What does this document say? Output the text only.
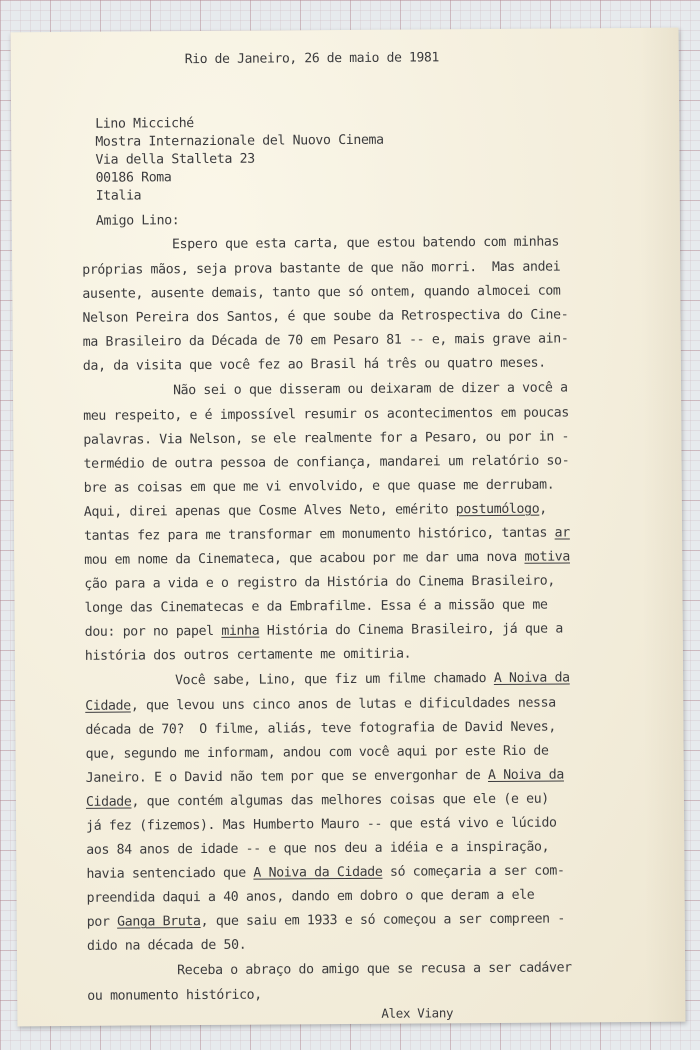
Rio de Janeiro, 26 de maio de 1981
Lino Micciché
Mostra Internazionale del Nuovo Cinema
Via della Stalleta 23
00186 Roma
Italia
Amigo Lino:
Espero que esta carta, que estou batendo com minhas
próprias mãos, seja prova bastante de que não morri.  Mas andei
ausente, ausente demais, tanto que só ontem, quando almocei com
Nelson Pereira dos Santos, é que soube da Retrospectiva do Cine-
ma Brasileiro da Década de 70 em Pesaro 81 -- e, mais grave ain-
da, da visita que você fez ao Brasil há três ou quatro meses.
Não sei o que disseram ou deixaram de dizer a você a
meu respeito, e é impossível resumir os acontecimentos em poucas
palavras. Via Nelson, se ele realmente for a Pesaro, ou por in -
termédio de outra pessoa de confiança, mandarei um relatório so-
bre as coisas em que me vi envolvido, e que quase me derrubam.
Aqui, direi apenas que Cosme Alves Neto, emérito postumólogo,
tantas fez para me transformar em monumento histórico, tantas ar
mou em nome da Cinemateca, que acabou por me dar uma nova motiva
ção para a vida e o registro da História do Cinema Brasileiro,
longe das Cinematecas e da Embrafilme. Essa é a missão que me
dou: por no papel minha História do Cinema Brasileiro, já que a
história dos outros certamente me omitiria.
Você sabe, Lino, que fiz um filme chamado A Noiva da
Cidade, que levou uns cinco anos de lutas e dificuldades nessa
década de 70?  O filme, aliás, teve fotografia de David Neves,
que, segundo me informam, andou com você aqui por este Rio de
Janeiro. E o David não tem por que se envergonhar de A Noiva da
Cidade, que contém algumas das melhores coisas que ele (e eu)
já fez (fizemos). Mas Humberto Mauro -- que está vivo e lúcido
aos 84 anos de idade -- e que nos deu a idéia e a inspiração,
havia sentenciado que A Noiva da Cidade só começaria a ser com-
preendida daqui a 40 anos, dando em dobro o que deram a ele
por Ganga Bruta, que saiu em 1933 e só começou a ser compreen -
dido na década de 50.
Receba o abraço do amigo que se recusa a ser cadáver
ou monumento histórico,
Alex Viany
